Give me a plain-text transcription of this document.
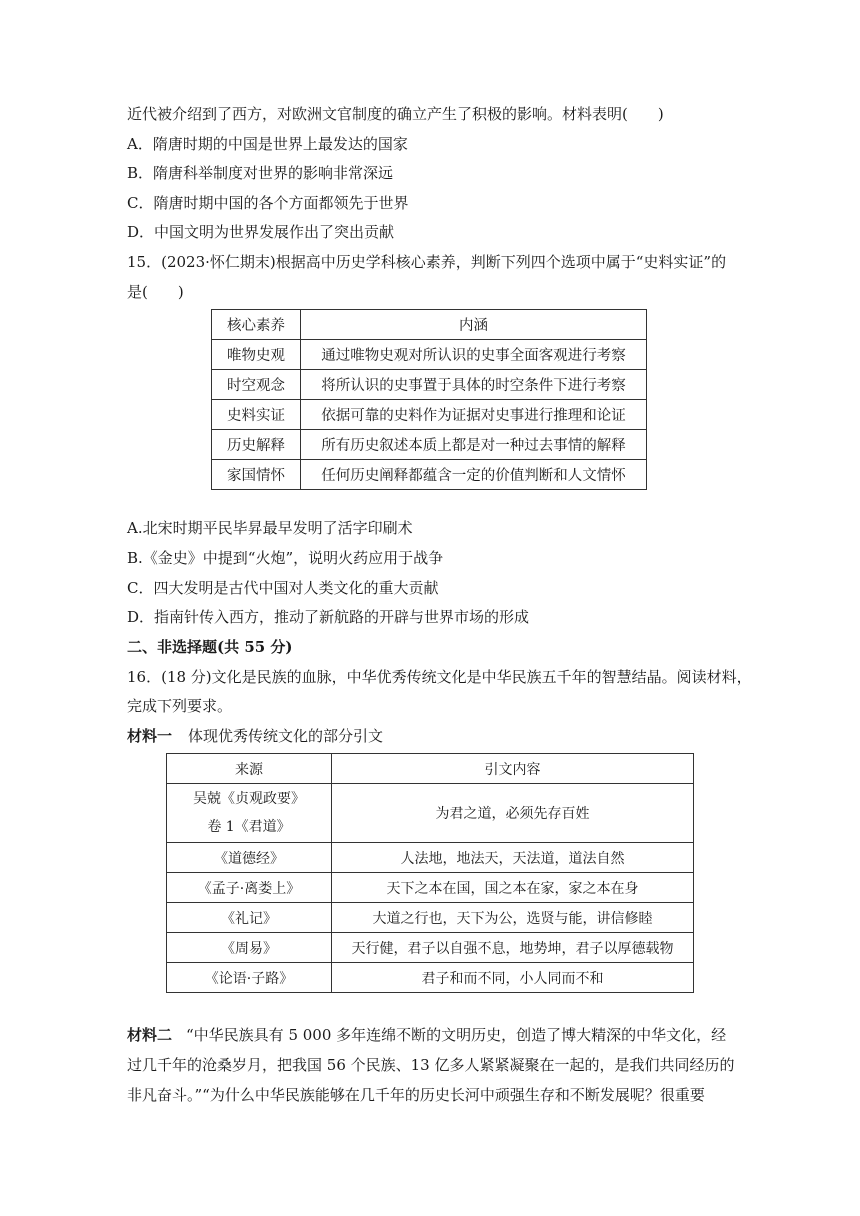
近代被介绍到了西方，对欧洲文官制度的确立产生了积极的影响。材料表明(　　)
A．隋唐时期的中国是世界上最发达的国家
B．隋唐科举制度对世界的影响非常深远
C．隋唐时期中国的各个方面都领先于世界
D．中国文明为世界发展作出了突出贡献
15．(2023·怀仁期末)根据高中历史学科核心素养，判断下列四个选项中属于“史料实证”的
是(　　)
核心素养	内涵
唯物史观	通过唯物史观对所认识的史事全面客观进行考察
时空观念	将所认识的史事置于具体的时空条件下进行考察
史料实证	依据可靠的史料作为证据对史事进行推理和论证
历史解释	所有历史叙述本质上都是对一种过去事情的解释
家国情怀	任何历史阐释都蕴含一定的价值判断和人文情怀
A.北宋时期平民毕昇最早发明了活字印刷术
B.《金史》中提到“火炮”，说明火药应用于战争
C．四大发明是古代中国对人类文化的重大贡献
D．指南针传入西方，推动了新航路的开辟与世界市场的形成
二、非选择题(共 55 分)
16．(18 分)文化是民族的血脉，中华优秀传统文化是中华民族五千年的智慧结晶。阅读材料，
完成下列要求。
材料一 体现优秀传统文化的部分引文
来源	引文内容

吴兢《贞观政要》
卷 1《君道》	为君之道，必须先存百姓
《道德经》	人法地，地法天，天法道，道法自然
《孟子·离娄上》	天下之本在国，国之本在家，家之本在身
《礼记》	大道之行也，天下为公，选贤与能，讲信修睦
《周易》	天行健，君子以自强不息，地势坤，君子以厚德载物
《论语·子路》	君子和而不同，小人同而不和
材料二 “中华民族具有 5 000 多年连绵不断的文明历史，创造了博大精深的中华文化，经
过几千年的沧桑岁月，把我国 56 个民族、13 亿多人紧紧凝聚在一起的，是我们共同经历的
非凡奋斗。”“为什么中华民族能够在几千年的历史长河中顽强生存和不断发展呢？很重要
